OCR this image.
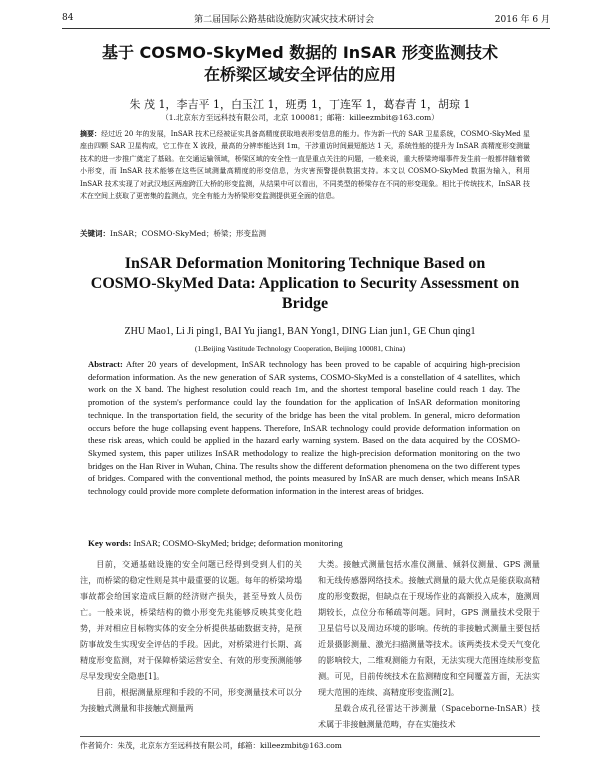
84	第二届国际公路基础设施防灾减灾技术研讨会	2016 年 6 月
基于 COSMO-SkyMed 数据的 InSAR 形变监测技术
在桥梁区域安全评估的应用
朱 茂 1，李吉平 1，白玉江 1，班勇 1，丁连军 1，葛春青 1，胡琼 1
（1.北京东方至远科技有限公司，北京 100081；邮箱：killeezmbit@163.com）
摘要：经过近 20 年的发展，InSAR 技术已经被证实具备高精度获取地表形变信息的能力。作为新一代的 SAR 卫星系统，COSMO-SkyMed 星座由四颗 SAR 卫星构成，它工作在 X 波段，最高的分辨率能达到 1m，干涉重访时间最短能达 1 天，系统性能的提升为 InSAR 高精度形变测量技术的进一步推广奠定了基础。在交通运输领域，桥梁区域的安全性一直是重点关注的问题，一般来说，重大桥梁垮塌事件发生前一般都伴随着微小形变，而 InSAR 技术能够在这些区域测量高精度的形变信息，为灾害预警提供数据支持。本文以 COSMO-SkyMed 数据为输入，利用 InSAR 技术实现了对武汉地区两座跨江大桥的形变监测，从结果中可以看出，不同类型的桥梁存在不同的形变现象。相比于传统技术，InSAR 技术在空间上获取了更密集的监测点，完全有能力为桥梁形变监测提供更全面的信息。
关键词：InSAR；COSMO-SkyMed；桥梁；形变监测
InSAR Deformation Monitoring Technique Based on COSMO-SkyMed Data: Application to Security Assessment on Bridge
ZHU Mao1, Li Ji ping1, BAI Yu jiang1, BAN Yong1, DING Lian jun1, GE Chun qing1
(1.Beijing Vastitude Technology Cooperation, Beijing 100081, China)
Abstract: After 20 years of development, InSAR technology has been proved to be capable of acquiring high-precision deformation information. As the new generation of SAR systems, COSMO-SkyMed is a constellation of 4 satellites, which work on the X band. The highest resolution could reach 1m, and the shortest temporal baseline could reach 1 day. The promotion of the system's performance could lay the foundation for the application of InSAR deformation monitoring technique. In the transportation field, the security of the bridge has been the vital problem. In general, micro deformation occurs before the huge collapsing event happens. Therefore, InSAR technology could provide deformation information on these risk areas, which could be applied in the hazard early warning system. Based on the data acquired by the COSMO-Skymed system, this paper utilizes InSAR methodology to realize the high-precision deformation monitoring on the two bridges on the Han River in Wuhan, China. The results show the different deformation phenomena on the two different types of bridges. Compared with the conventional method, the points measured by InSAR are much denser, which means InSAR technology could provide more complete deformation information in the interest areas of bridges.
Key words: InSAR; COSMO-SkyMed; bridge; deformation monitoring

目前，交通基础设施的安全问题已经得到受到人们的关注，而桥梁的稳定性则是其中最重要的议题。每年的桥梁垮塌事故都会给国家造成巨额的经济财产损失，甚至导致人员伤亡。一般来说，桥梁结构的微小形变先兆能够反映其变化趋势，并对相应目标物实体的安全分析提供基础数据支持，是预防事故发生实现安全评估的手段。因此，对桥梁进行长期、高精度形变监测，对于保障桥梁运营安全、有效的形变预测能够尽早发现安全隐患[1]。

目前，根据测量原理和手段的不同，形变测量技术可以分为接触式测量和非接触式测量两

大类。接触式测量包括水准仪测量、倾斜仪测量、GPS 测量和无线传感器网络技术。接触式测量的最大优点是能获取高精度的形变数据，但缺点在于现场作业的高额投入成本，施测周期较长，点位分布稀疏等问题。同时，GPS 测量技术受限于卫星信号以及周边环境的影响。传统的非接触式测量主要包括近景摄影测量、激光扫描测量等技术。该两类技术受天气变化的影响较大，二维观测能力有限，无法实现大范围连续形变监测。可见，目前传统技术在监测精度和空间覆盖方面，无法实现大范围的连续、高精度形变监测[2]。

星载合成孔径雷达干涉测量（Spaceborne-InSAR）技术属于非接触测量范畴，存在实施技术

作者简介：朱茂，北京东方至远科技有限公司，邮箱：killeezmbit@163.com
